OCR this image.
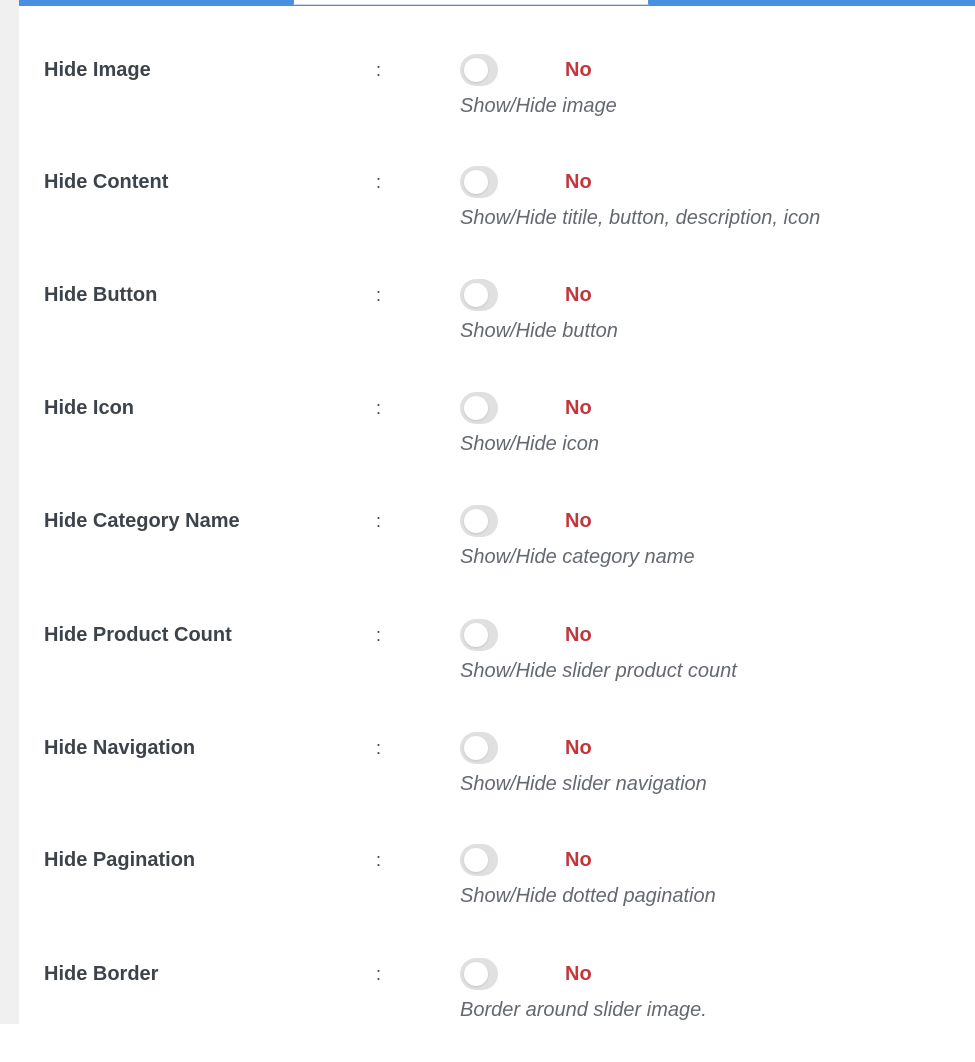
Hide Image	:	No
Show/Hide image
Hide Content	:	No
Show/Hide titile, button, description, icon
Hide Button	:	No
Show/Hide button
Hide Icon	:	No
Show/Hide icon
Hide Category Name	:	No
Show/Hide category name
Hide Product Count	:	No
Show/Hide slider product count
Hide Navigation	:	No
Show/Hide slider navigation
Hide Pagination	:	No
Show/Hide dotted pagination
Hide Border	:	No
Border around slider image.
